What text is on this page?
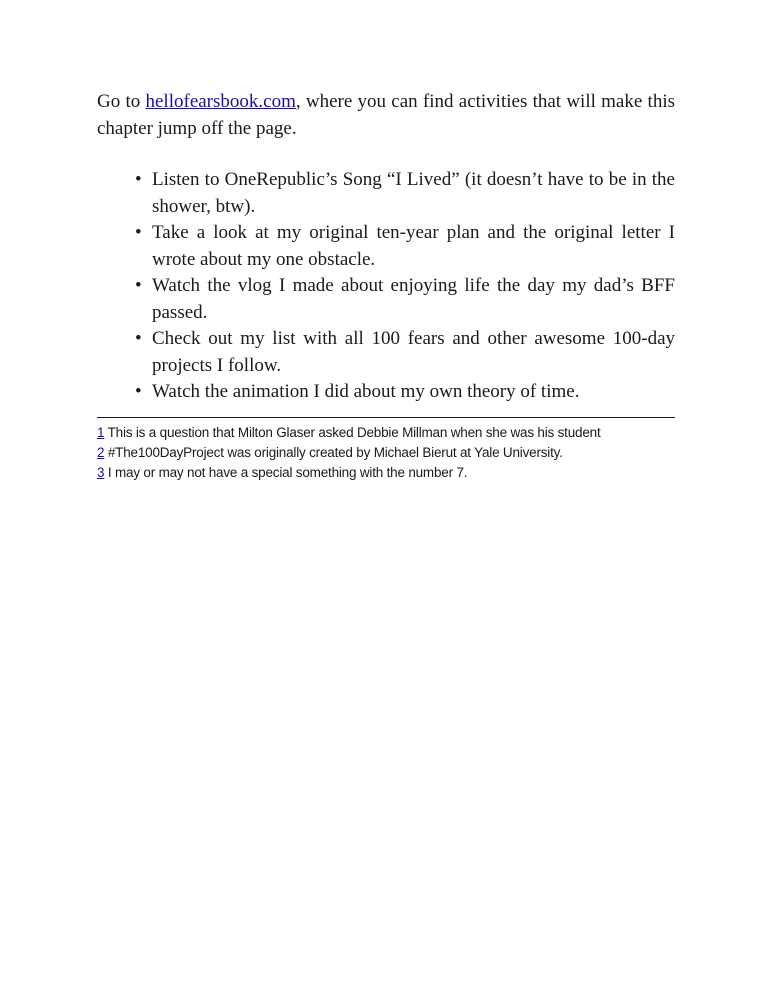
Go to hellofearsbook.com, where you can find activities that will make this chapter jump off the page.

• Listen to OneRepublic’s Song “I Lived” (it doesn’t have to be in the shower, btw).
• Take a look at my original ten-year plan and the original letter I wrote about my one obstacle.
• Watch the vlog I made about enjoying life the day my dad’s BFF passed.
• Check out my list with all 100 fears and other awesome 100-day projects I follow.
• Watch the animation I did about my own theory of time.
1 This is a question that Milton Glaser asked Debbie Millman when she was his student
2 #The100DayProject was originally created by Michael Bierut at Yale University.
3 I may or may not have a special something with the number 7.
